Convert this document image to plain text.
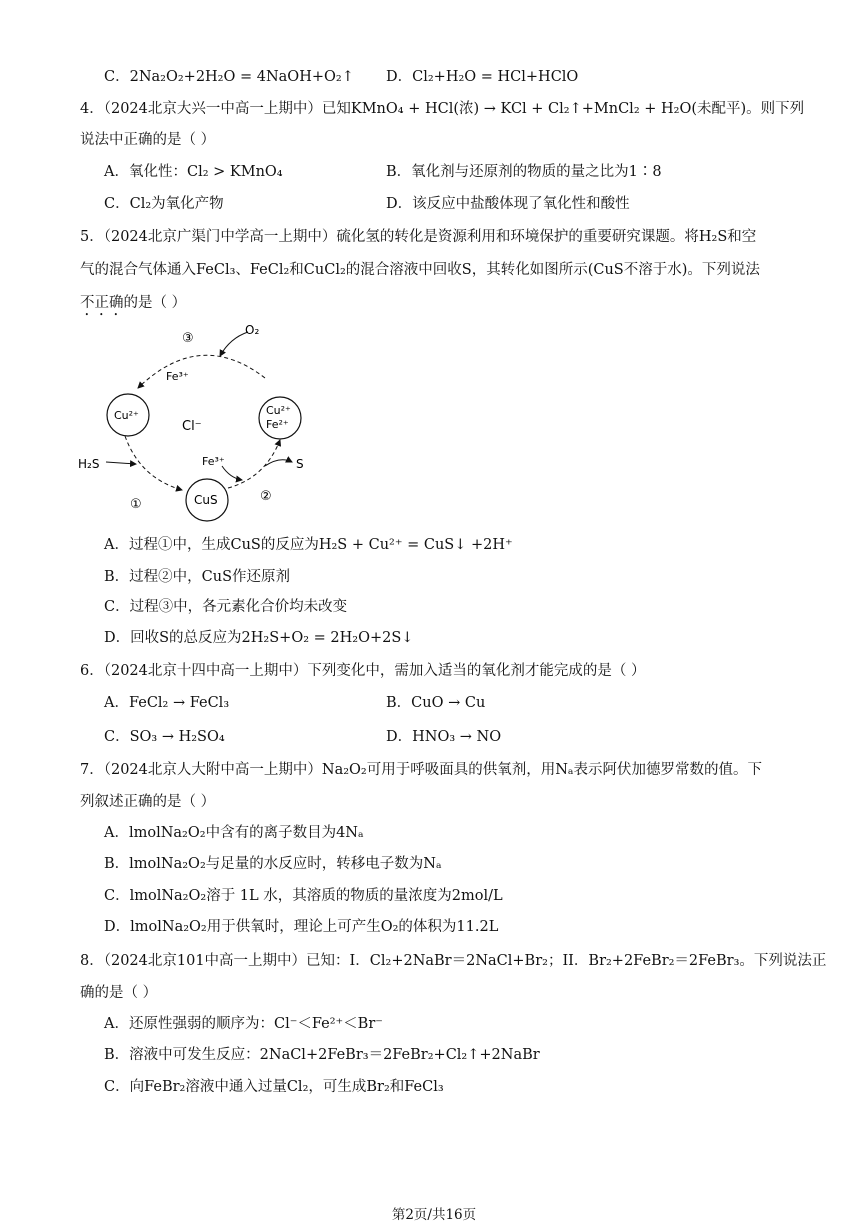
C．2Na₂O₂+2H₂O = 4NaOH+O₂↑ D．Cl₂+H₂O = HCl+HClO
4．（2024北京大兴一中高一上期中）已知KMnO₄ + HCl(浓) → KCl + Cl₂↑+MnCl₂ + H₂O(未配平)。则下列
说法中正确的是（ ）
A．氧化性：Cl₂ > KMnO₄	B．氧化剂与还原剂的物质的量之比为1∶8
C．Cl₂为氧化产物	D．该反应中盐酸体现了氧化性和酸性
5．（2024北京广渠门中学高一上期中）硫化氢的转化是资源利用和环境保护的重要研究课题。将H₂S和空
气的混合气体通入FeCl₃、FeCl₂和CuCl₂的混合溶液中回收S，其转化如图所示(CuS不溶于水)。下列说法
不正确的是（ ）
O₂
③
Fe³⁺
Cu²⁺
Cl⁻
Cu²⁺
Fe²⁺
H₂S	Fe³⁺	S
①	CuS	②
A．过程①中，生成CuS的反应为H₂S + Cu²⁺ = CuS↓ +2H⁺
B．过程②中，CuS作还原剂
C．过程③中，各元素化合价均未改变
D．回收S的总反应为2H₂S+O₂ = 2H₂O+2S↓
6．（2024北京十四中高一上期中）下列变化中，需加入适当的氧化剂才能完成的是（ ）
A．FeCl₂ → FeCl₃	B．CuO → Cu
C．SO₃ → H₂SO₄	D．HNO₃ → NO
7．（2024北京人大附中高一上期中）Na₂O₂可用于呼吸面具的供氧剂，用Nₐ表示阿伏加德罗常数的值。下
列叙述正确的是（ ）
A．lmolNa₂O₂中含有的离子数目为4Nₐ
B．lmolNa₂O₂与足量的水反应时，转移电子数为Nₐ
C．lmolNa₂O₂溶于 1L 水，其溶质的物质的量浓度为2mol/L
D．lmolNa₂O₂用于供氧时，理论上可产生O₂的体积为11.2L
8．（2024北京101中高一上期中）已知：I．Cl₂+2NaBr＝2NaCl+Br₂；II．Br₂+2FeBr₂＝2FeBr₃。下列说法正
确的是（ ）
A．还原性强弱的顺序为：Cl⁻＜Fe²⁺＜Br⁻
B．溶液中可发生反应：2NaCl+2FeBr₃＝2FeBr₂+Cl₂↑+2NaBr
C．向FeBr₂溶液中通入过量Cl₂，可生成Br₂和FeCl₃
第2页/共16页
